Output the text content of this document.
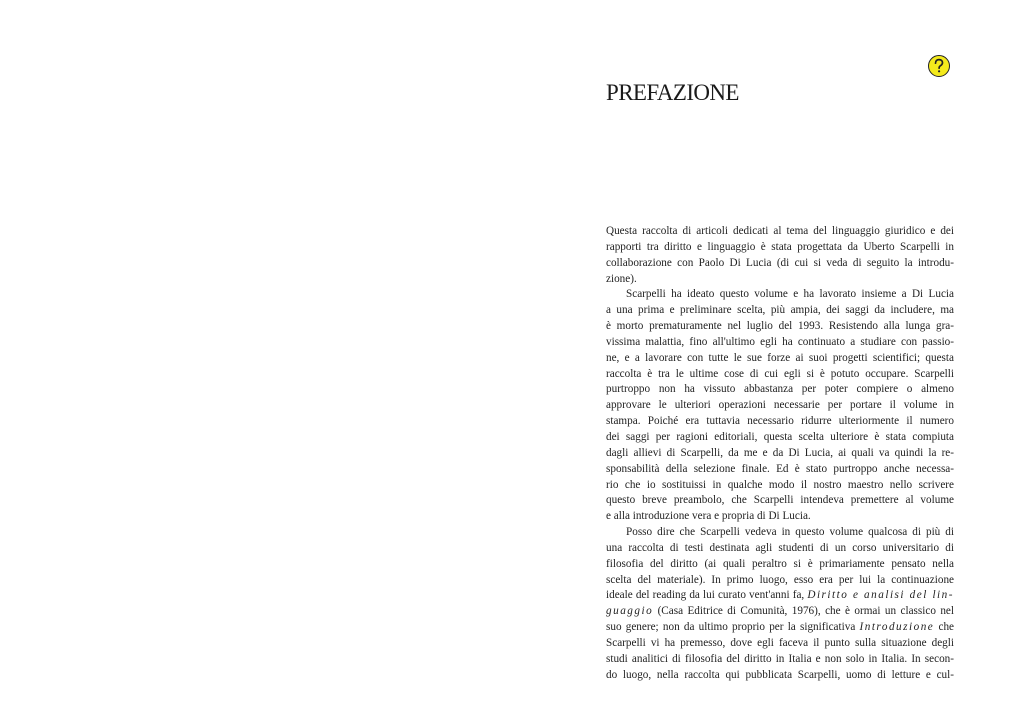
PREFAZIONE
Questa raccolta di articoli dedicati al tema del linguaggio giuridico e dei
rapporti tra diritto e linguaggio è stata progettata da Uberto Scarpelli in
collaborazione con Paolo Di Lucia (di cui si veda di seguito la introdu-
zione).
Scarpelli ha ideato questo volume e ha lavorato insieme a Di Lucia
a una prima e preliminare scelta, più ampia, dei saggi da includere, ma
è morto prematuramente nel luglio del 1993. Resistendo alla lunga gra-
vissima malattia, fino all'ultimo egli ha continuato a studiare con passio-
ne, e a lavorare con tutte le sue forze ai suoi progetti scientifici; questa
raccolta è tra le ultime cose di cui egli si è potuto occupare. Scarpelli
purtroppo non ha vissuto abbastanza per poter compiere o almeno
approvare le ulteriori operazioni necessarie per portare il volume in
stampa. Poiché era tuttavia necessario ridurre ulteriormente il numero
dei saggi per ragioni editoriali, questa scelta ulteriore è stata compiuta
dagli allievi di Scarpelli, da me e da Di Lucia, ai quali va quindi la re-
sponsabilità della selezione finale. Ed è stato purtroppo anche necessa-
rio che io sostituissi in qualche modo il nostro maestro nello scrivere
questo breve preambolo, che Scarpelli intendeva premettere al volume
e alla introduzione vera e propria di Di Lucia.
Posso dire che Scarpelli vedeva in questo volume qualcosa di più di
una raccolta di testi destinata agli studenti di un corso universitario di
filosofia del diritto (ai quali peraltro si è primariamente pensato nella
scelta del materiale). In primo luogo, esso era per lui la continuazione
ideale del reading da lui curato vent'anni fa, Diritto e analisi del lin-
guaggio (Casa Editrice di Comunità, 1976), che è ormai un classico nel
suo genere; non da ultimo proprio per la significativa Introduzione che
Scarpelli vi ha premesso, dove egli faceva il punto sulla situazione degli
studi analitici di filosofia del diritto in Italia e non solo in Italia. In secon-
do luogo, nella raccolta qui pubblicata Scarpelli, uomo di letture e cul-
